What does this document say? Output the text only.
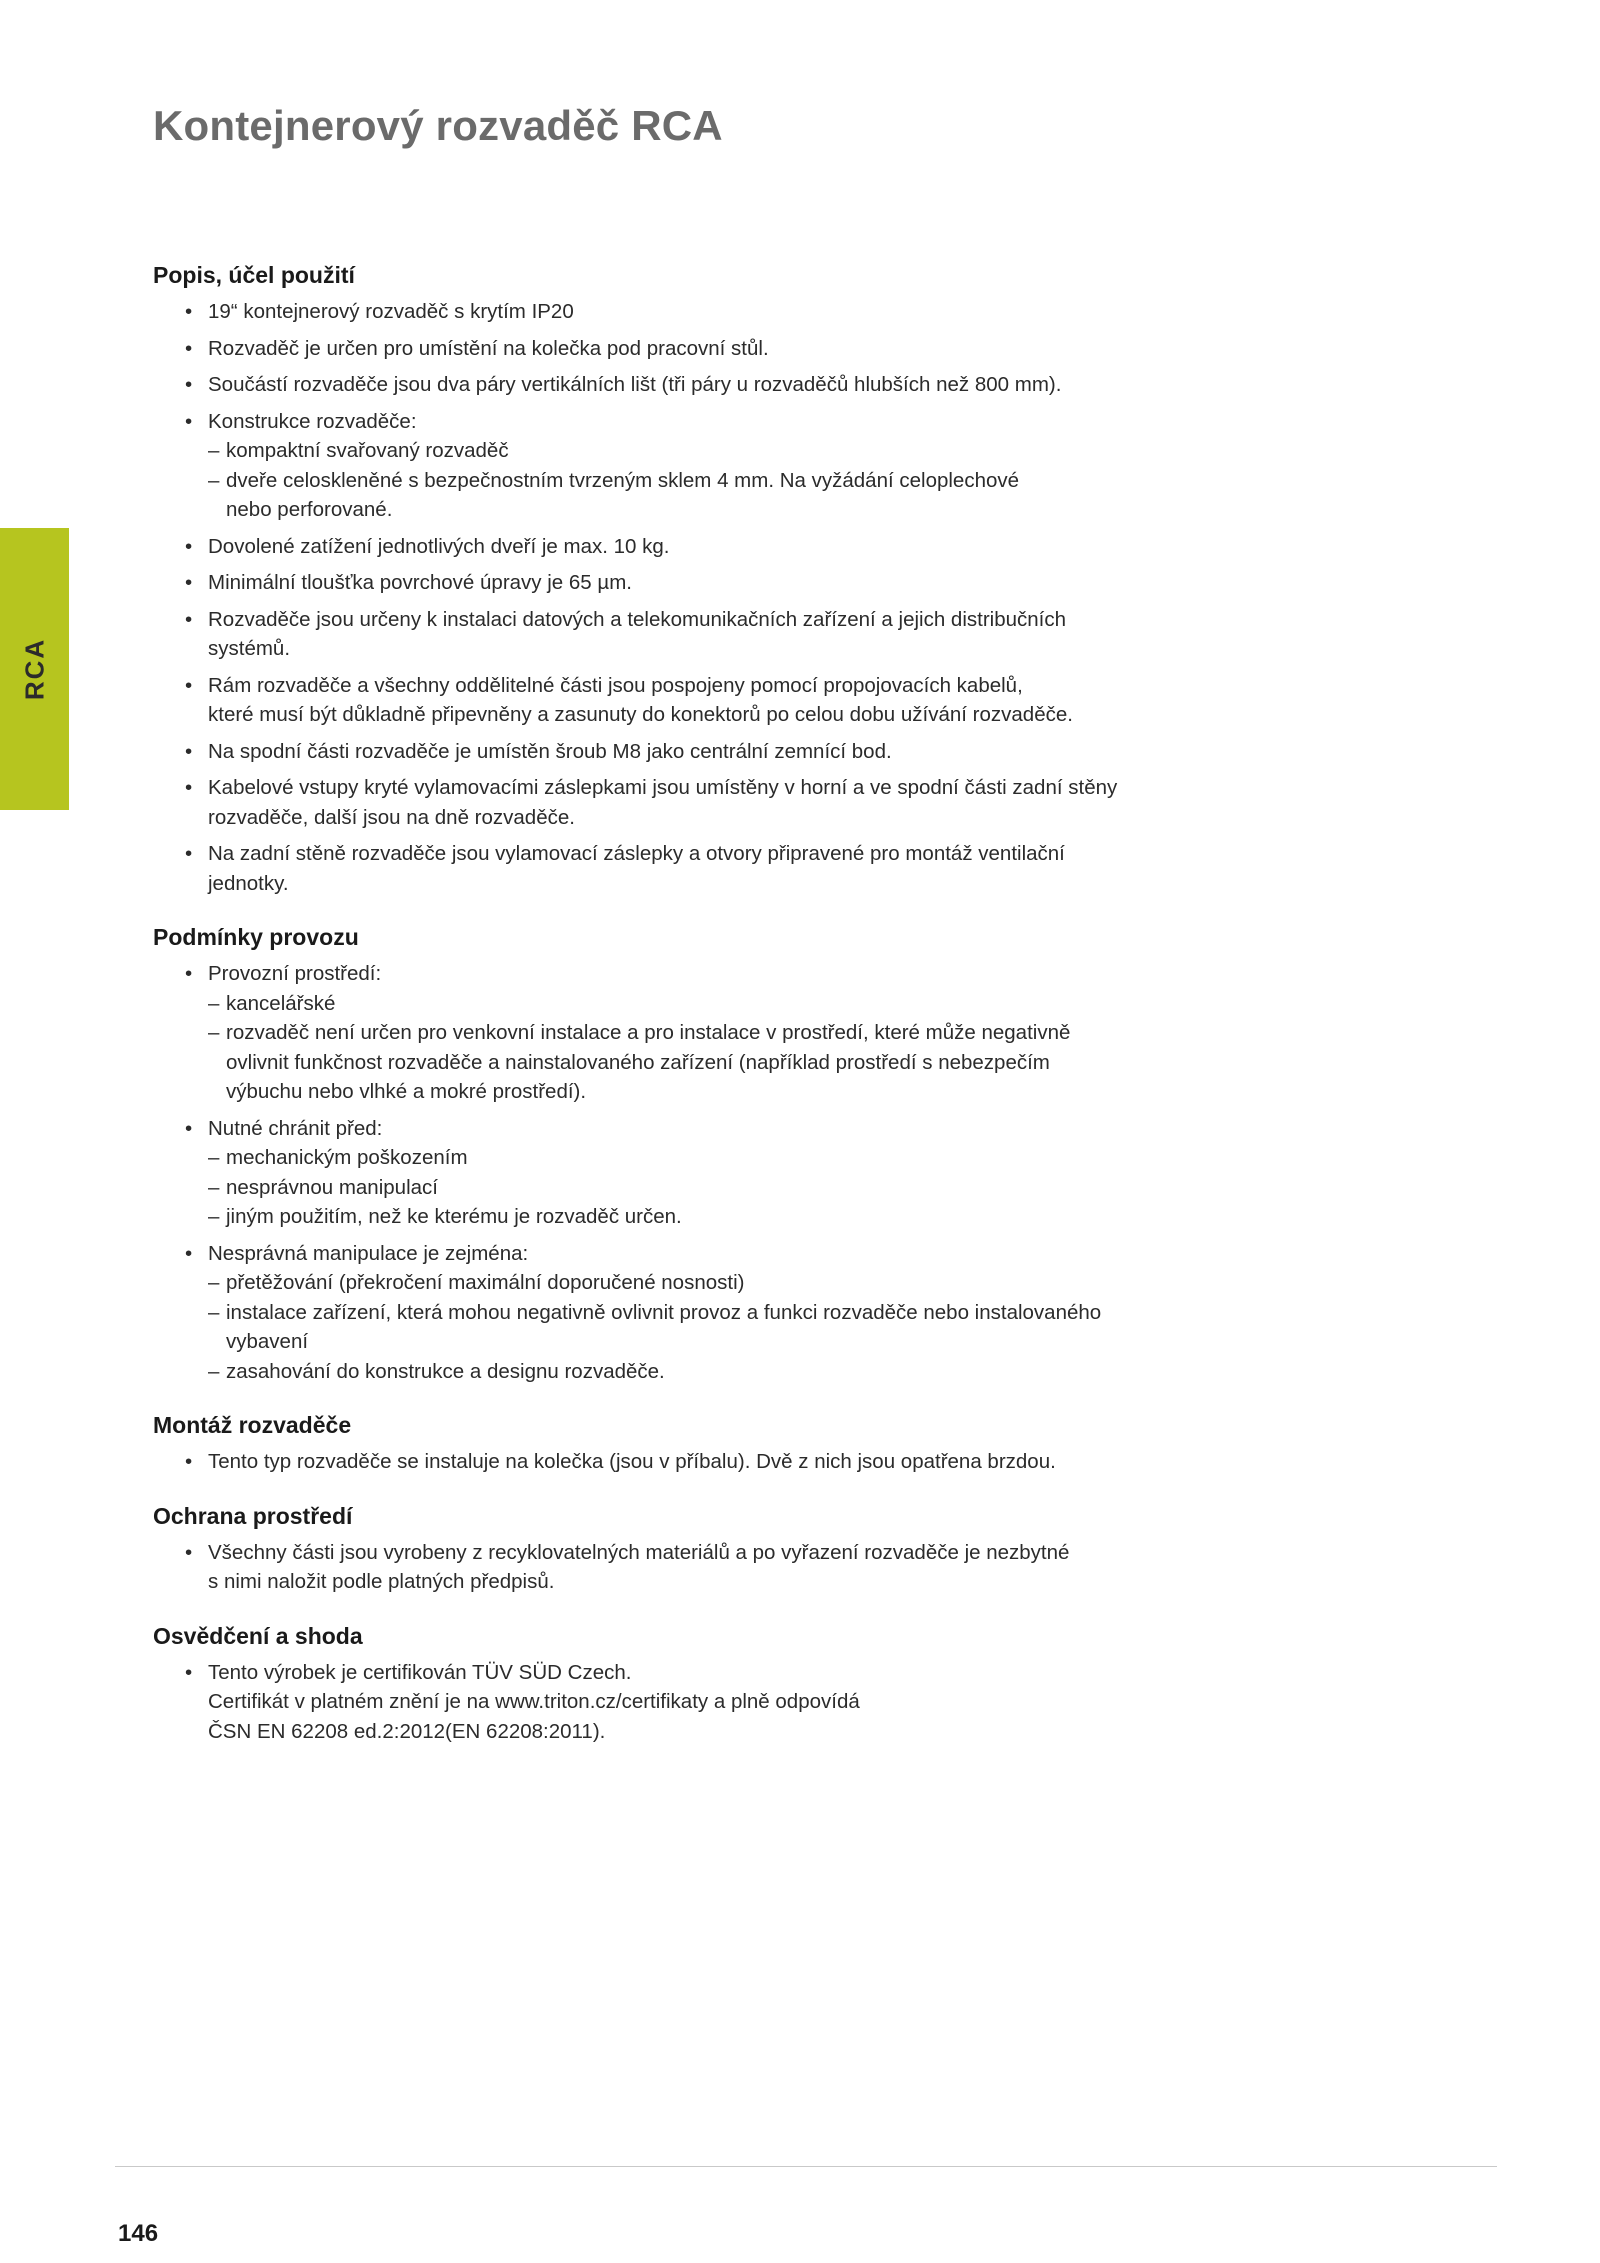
Kontejnerový rozvaděč RCA
RCA
Popis, účel použití
• 19“ kontejnerový rozvaděč s krytím IP20
• Rozvaděč je určen pro umístění na kolečka pod pracovní stůl.
• Součástí rozvaděče jsou dva páry vertikálních lišt (tři páry u rozvaděčů hlubších než 800 mm).
• Konstrukce rozvaděče:
– kompaktní svařovaný rozvaděč
– dveře celoskleněné s bezpečnostním tvrzeným sklem 4 mm. Na vyžádání celoplechové
nebo perforované.
• Dovolené zatížení jednotlivých dveří je max. 10 kg.
• Minimální tloušťka povrchové úpravy je 65 µm.
• Rozvaděče jsou určeny k instalaci datových a telekomunikačních zařízení a jejich distribučních
systémů.
• Rám rozvaděče a všechny oddělitelné části jsou pospojeny pomocí propojovacích kabelů,
které musí být důkladně připevněny a zasunuty do konektorů po celou dobu užívání rozvaděče.
• Na spodní části rozvaděče je umístěn šroub M8 jako centrální zemnící bod.
• Kabelové vstupy kryté vylamovacími záslepkami jsou umístěny v horní a ve spodní části zadní stěny
rozvaděče, další jsou na dně rozvaděče.
• Na zadní stěně rozvaděče jsou vylamovací záslepky a otvory připravené pro montáž ventilační
jednotky.
Podmínky provozu
• Provozní prostředí:
– kancelářské
– rozvaděč není určen pro venkovní instalace a pro instalace v prostředí, které může negativně
ovlivnit funkčnost rozvaděče a nainstalovaného zařízení (například prostředí s nebezpečím
výbuchu nebo vlhké a mokré prostředí).
• Nutné chránit před:
– mechanickým poškozením
– nesprávnou manipulací
– jiným použitím, než ke kterému je rozvaděč určen.
• Nesprávná manipulace je zejména:
– přetěžování (překročení maximální doporučené nosnosti)
– instalace zařízení, která mohou negativně ovlivnit provoz a funkci rozvaděče nebo instalovaného
vybavení
– zasahování do konstrukce a designu rozvaděče.
Montáž rozvaděče
• Tento typ rozvaděče se instaluje na kolečka (jsou v příbalu). Dvě z nich jsou opatřena brzdou.
Ochrana prostředí
• Všechny části jsou vyrobeny z recyklovatelných materiálů a po vyřazení rozvaděče je nezbytné
s nimi naložit podle platných předpisů.
Osvědčení a shoda
• Tento výrobek je certifikován TÜV SÜD Czech.
Certifikát v platném znění je na www.triton.cz/certifikaty a plně odpovídá
ČSN EN 62208 ed.2:2012(EN 62208:2011).
146
